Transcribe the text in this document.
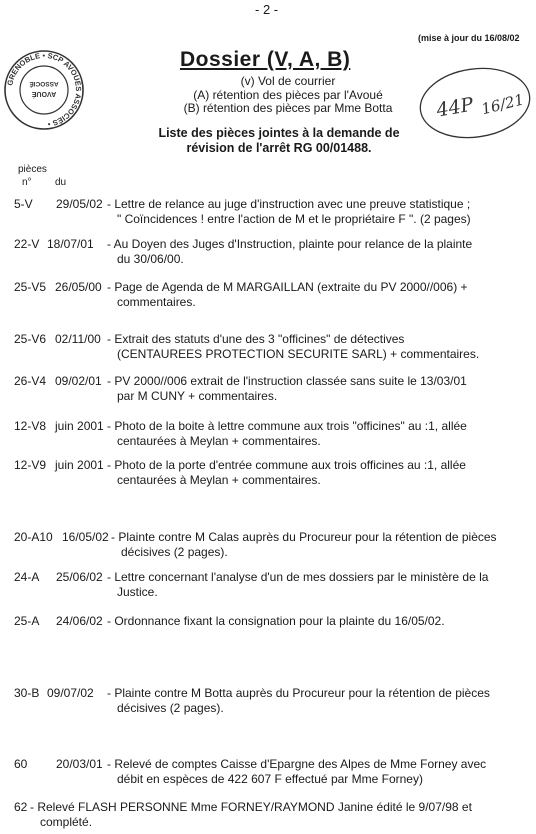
- 2 -
(mise à jour du 16/08/02
GRENOBLE • SCP AVOUÉS ASSOCIÉS •
AVOUÉ
ASSOCIÉ
Dossier (V, A, B)
(v) Vol de courrier
(A) rétention des pièces par l'Avoué
(B) rétention des pièces par Mme Botta	44P 16/21
Liste des pièces jointes à la demande de
révision de l'arrêt RG 00/01488.
pièces
n° du
5-V 29/05/02 - Lettre de relance au juge d'instruction avec une preuve statistique ;
" Coïncidences ! entre l'action de M et le propriétaire F ". (2 pages)
22-V 18/07/01 - Au Doyen des Juges d'Instruction, plainte pour relance de la plainte
du 30/06/00.
25-V5 26/05/00 - Page de Agenda de M MARGAILLAN (extraite du PV 2000//006) +
commentaires.
25-V6 02/11/00 - Extrait des statuts d'une des 3 "officines" de détectives
(CENTAUREES PROTECTION SECURITE SARL) + commentaires.
26-V4 09/02/01 - PV 2000//006 extrait de l'instruction classée sans suite le 13/03/01
par M CUNY + commentaires.
12-V8 juin 2001 - Photo de la boite à lettre commune aux trois "officines" au :1, allée
centaurées à Meylan + commentaires.
12-V9 juin 2001 - Photo de la porte d'entrée commune aux trois officines au :1, allée
centaurées à Meylan + commentaires.
20-A10 16/05/02 - Plainte contre M Calas auprès du Procureur pour la rétention de pièces
décisives (2 pages).
24-A 25/06/02 - Lettre concernant l'analyse d'un de mes dossiers par le ministère de la
Justice.
25-A 24/06/02 - Ordonnance fixant la consignation pour la plainte du 16/05/02.
30-B 09/07/02 - Plainte contre M Botta auprès du Procureur pour la rétention de pièces
décisives (2 pages).
60 20/03/01 - Relevé de comptes Caisse d'Epargne des Alpes de Mme Forney avec
débit en espèces de 422 607 F effectué par Mme Forney)
62 - Relevé FLASH PERSONNE Mme FORNEY/RAYMOND Janine édité le 9/07/98 et
complété.
